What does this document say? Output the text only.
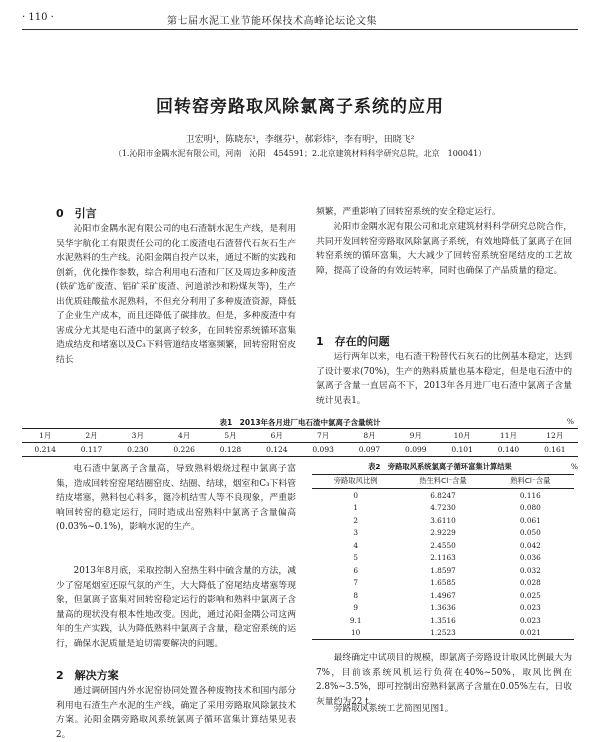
· 110 ·	第七届水泥工业节能环保技术高峰论坛论文集
回转窑旁路取风除氯离子系统的应用
卫宏明¹，陈晓东¹，李继芬¹，郝彩炜²，李有明²，田晓飞²
（1.沁阳市金隅水泥有限公司，河南　沁阳　454591；2.北京建筑材料科学研究总院，北京　100041）
0　引言

沁阳市金隅水泥有限公司的电石渣制水泥生产线，是利用吴华宇航化工有限责任公司的化工废渣电石渣替代石灰石生产水泥熟料的生产线。沁阳金隅自投产以来，通过不断的实践和创新，优化操作参数，综合利用电石渣和厂区及周边多种废渣(铁矿选矿废渣、铝矿采矿废渣、河道淤沙和粉煤灰等)，生产出优质硅酸盐水泥熟料，不但充分利用了多种废渣资源，降低了企业生产成本，而且还降低了碳排放。但是，多种废渣中有害成分尤其是电石渣中的氯离子较多，在回转窑系统循环富集造成结皮和堵塞以及C₃下料管道结皮堵塞频繁，回转窑附窑皮结长

频繁，严重影响了回转窑系统的安全稳定运行。

沁阳市金隅水泥有限公司和北京建筑材料科学研究总院合作，共同开发回转窑旁路取风除氯离子系统，有效地降低了氯离子在回转窑系统的循环富集，大大减少了回转窑系统窑尾结皮的工艺故障，提高了设备的有效运转率，同时也确保了产品质量的稳定。

1　存在的问题

运行两年以来，电石渣干粉替代石灰石的比例基本稳定，达到了设计要求(70%)，生产的熟料质量也基本稳定，但是电石渣中的氯离子含量一直居高不下，2013年各月进厂电石渣中氯离子含量统计见表1。

表1　2013年各月进厂电石渣中氯离子含量统计	%
1月	2月	3月	4月	5月	6月	7月	8月	9月	10月	11月	12月
0.214	0.117	0.230	0.226	0.128	0.124	0.093	0.097	0.099	0.101	0.140	0.161

电石渣中氯离子含量高，导致熟料煅烧过程中氯离子富集，造成回转窑窑尾结圈窑皮、结圈、结球，烟室和C₃下料管结皮堵塞，熟料包心料多，篦冷机结雪人等不良现象，严重影响回转窑的稳定运行，同时造成出窑熟料中氯离子含量偏高(0.03%~0.1%)，影响水泥的生产。

2013年8月底，采取控制入窑热生料中硫含量的方法，减少了窑尾烟室还原气氛的产生，大大降低了窑尾结皮堵塞等现象，但氯离子富集对回转窑稳定运行的影响和熟料中氯离子含量高的现状没有根本性地改变。因此，通过沁阳金隅公司这两年的生产实践，认为降低熟料中氯离子含量，稳定窑系统的运行，确保水泥质量是迫切需要解决的问题。

2　解决方案

通过调研国内外水泥窑协同处置各种废物技术和国内部分利用电石渣生产水泥的生产线，确定了采用旁路取风除氯技术方案。沁阳金隅旁路取风系统氯离子循环富集计算结果见表2。

表2　旁路取风系统氯离子循环富集计算结果	%
旁路取风比例	热生料Cl⁻含量	熟料Cl⁻含量
0	6.8247	0.116
1	4.7230	0.080
2	3.6110	0.061
3	2.9229	0.050
4	2.4550	0.042
5	2.1163	0.036
6	1.8597	0.032
7	1.6585	0.028
8	1.4967	0.025
9	1.3636	0.023
9.1	1.3516	0.023
10	1.2523	0.021

最终确定中试项目的规模，即氯离子旁路设计取风比例最大为7%，目前该系统风机运行负荷在40%~50%，取风比例在2.8%~3.5%，即可控制出窑熟料氯离子含量在0.05%左右，日收灰量约为22 t。

旁路取风系统工艺简图见图1。
